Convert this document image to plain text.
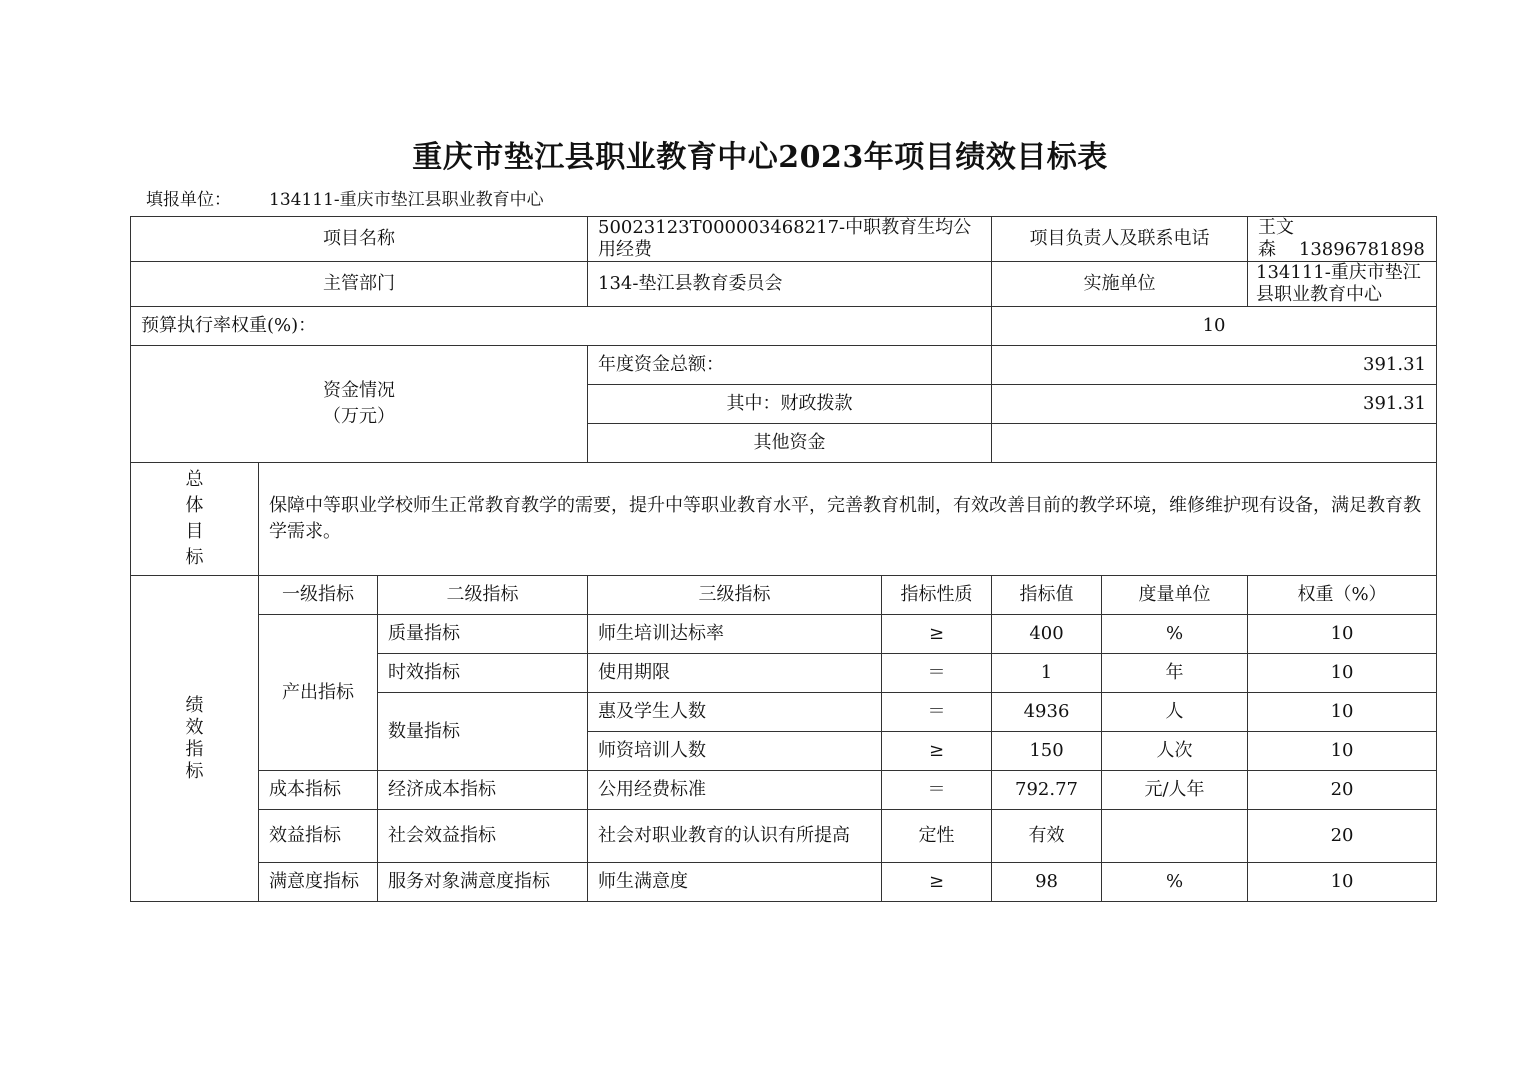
重庆市垫江县职业教育中心2023年项目绩效目标表
填报单位： 134111-重庆市垫江县职业教育中心
项目名称			50023123T000003468217-中职教育生均公用经费		项目负责人及联系电话		王文森 13896781898
主管部门			134-垫江县教育委员会		实施单位		134111-重庆市垫江县职业教育中心
预算执行率权重(%)：					10		
资金情况
（万元）			年度资金总额：		391.31		
			其中：财政拨款		391.31		
			其他资金				

总
体
目
标	保障中等职业学校师生正常教育教学的需要，提升中等职业教育水平，完善教育机制，有效改善目前的教学环境，维修维护现有设备，满足教育教学需求。						

绩
效
指
标	一级指标	二级指标	三级指标	指标性质	指标值	度量单位	权重（%）
	产出指标	质量指标	师生培训达标率	≥	400	%	10
		时效指标	使用期限	＝	1	年	10
		数量指标	惠及学生人数	＝	4936	人	10
			师资培训人数	≥	150	人次	10
	成本指标	经济成本指标	公用经费标准	＝	792.77	元/人年	20
	效益指标	社会效益指标	社会对职业教育的认识有所提高	定性	有效		20
	满意度指标	服务对象满意度指标	师生满意度	≥	98	%	10
